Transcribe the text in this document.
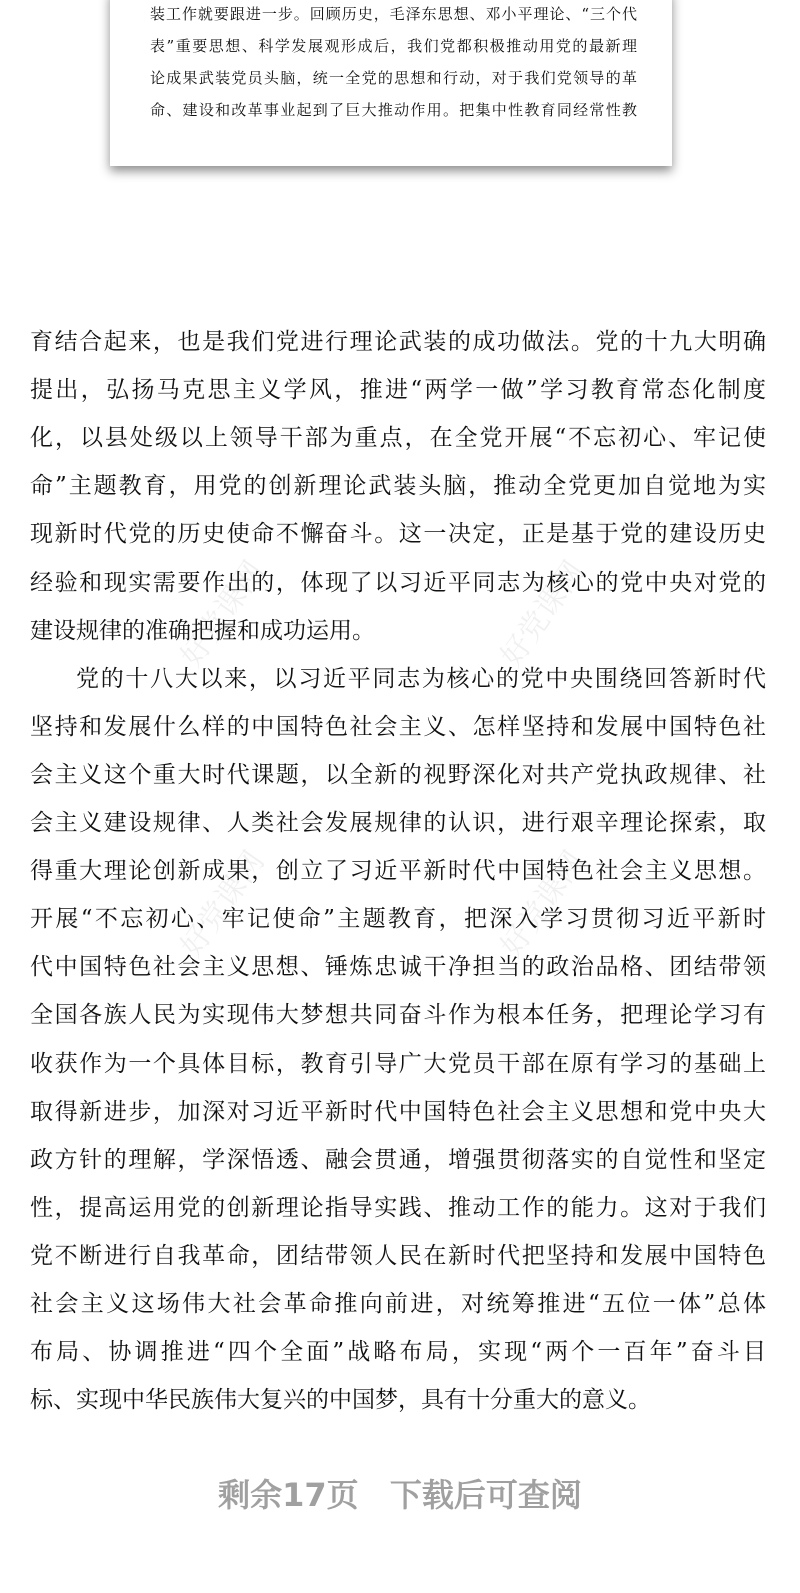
装工作就要跟进一步。回顾历史，毛泽东思想、邓小平理论、“三个代
表”重要思想、科学发展观形成后，我们党都积极推动用党的最新理
论成果武装党员头脑，统一全党的思想和行动，对于我们党领导的革
命、建设和改革事业起到了巨大推动作用。把集中性教育同经常性教
育结合起来，也是我们党进行理论武装的成功做法。党的十九大明确
提出，弘扬马克思主义学风，推进“两学一做”学习教育常态化制度
化，以县处级以上领导干部为重点，在全党开展“不忘初心、牢记使
命”主题教育，用党的创新理论武装头脑，推动全党更加自觉地为实
现新时代党的历史使命不懈奋斗。这一决定，正是基于党的建设历史
经验和现实需要作出的，体现了以习近平同志为核心的党中央对党的
建设规律的准确把握和成功运用。
党的十八大以来，以习近平同志为核心的党中央围绕回答新时代
坚持和发展什么样的中国特色社会主义、怎样坚持和发展中国特色社
会主义这个重大时代课题，以全新的视野深化对共产党执政规律、社
会主义建设规律、人类社会发展规律的认识，进行艰辛理论探索，取
得重大理论创新成果，创立了习近平新时代中国特色社会主义思想。
开展“不忘初心、牢记使命”主题教育，把深入学习贯彻习近平新时
代中国特色社会主义思想、锤炼忠诚干净担当的政治品格、团结带领
全国各族人民为实现伟大梦想共同奋斗作为根本任务，把理论学习有
收获作为一个具体目标，教育引导广大党员干部在原有学习的基础上
取得新进步，加深对习近平新时代中国特色社会主义思想和党中央大
政方针的理解，学深悟透、融会贯通，增强贯彻落实的自觉性和坚定
性，提高运用党的创新理论指导实践、推动工作的能力。这对于我们
党不断进行自我革命，团结带领人民在新时代把坚持和发展中国特色
社会主义这场伟大社会革命推向前进，对统筹推进“五位一体”总体
布局、协调推进“四个全面”战略布局，实现“两个一百年”奋斗目
标、实现中华民族伟大复兴的中国梦，具有十分重大的意义。
好党课网	好党课网
好党课网	好党课网
剩余17页 下载后可查阅
